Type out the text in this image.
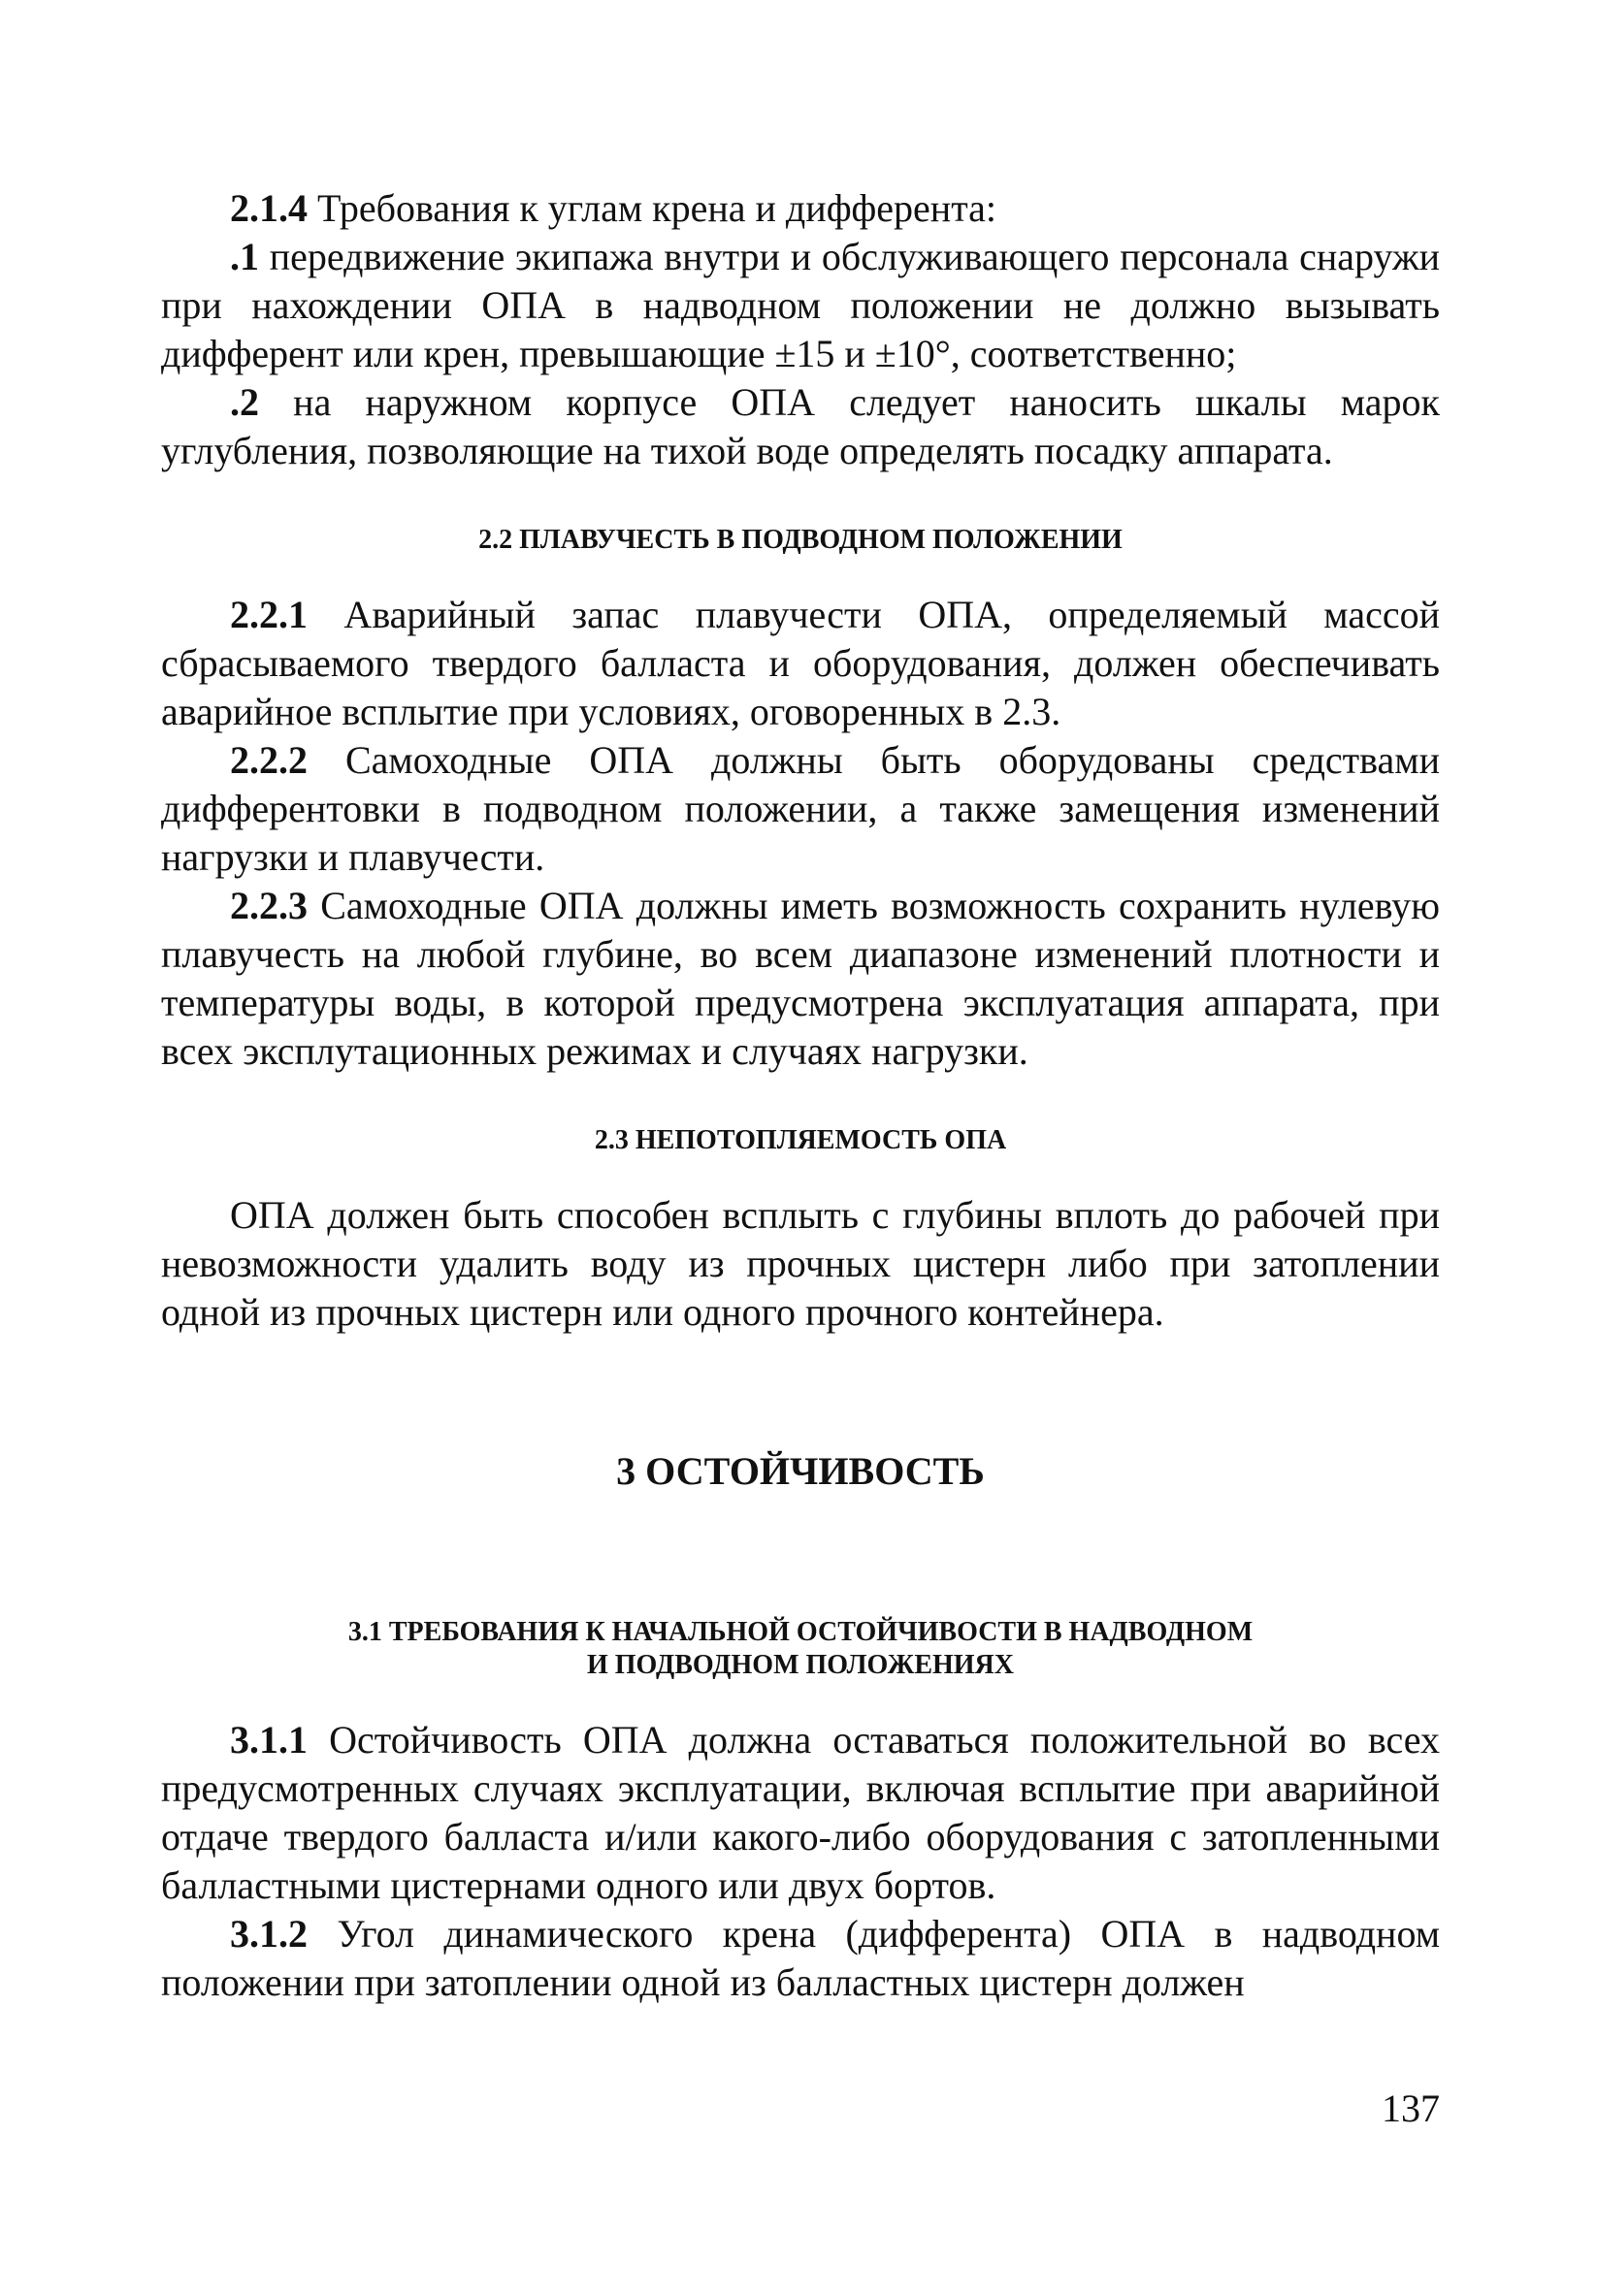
2.1.4 Требования к углам крена и дифферента:

.1 передвижение экипажа внутри и обслуживающего персонала снаружи при нахождении ОПА в надводном положении не должно вызывать дифферент или крен, превышающие ±15 и ±10°, соответственно;

.2 на наружном корпусе ОПА следует наносить шкалы марок углубления, позволяющие на тихой воде определять посадку аппарата.

2.2 ПЛАВУЧЕСТЬ В ПОДВОДНОМ ПОЛОЖЕНИИ

2.2.1 Аварийный запас плавучести ОПА, определяемый массой сбрасываемого твердого балласта и оборудования, должен обеспечивать аварийное всплытие при условиях, оговоренных в 2.3.

2.2.2 Самоходные ОПА должны быть оборудованы средствами дифферентовки в подводном положении, а также замещения изменений нагрузки и плавучести.

2.2.3 Самоходные ОПА должны иметь возможность сохранить нулевую плавучесть на любой глубине, во всем диапазоне изменений плотности и температуры воды, в которой предусмотрена эксплуатация аппарата, при всех эксплутационных режимах и случаях нагрузки.

2.3 НЕПОТОПЛЯЕМОСТЬ ОПА

ОПА должен быть способен всплыть с глубины вплоть до рабочей при невозможности удалить воду из прочных цистерн либо при затоплении одной из прочных цистерн или одного прочного контейнера.

3 ОСТОЙЧИВОСТЬ

3.1 ТРЕБОВАНИЯ К НАЧАЛЬНОЙ ОСТОЙЧИВОСТИ В НАДВОДНОМ

И ПОДВОДНОМ ПОЛОЖЕНИЯХ

3.1.1 Остойчивость ОПА должна оставаться положительной во всех предусмотренных случаях эксплуатации, включая всплытие при аварийной отдаче твердого балласта и/или какого-либо оборудования с затопленными балластными цистернами одного или двух бортов.

3.1.2 Угол динамического крена (дифферента) ОПА в надводном положении при затоплении одной из балластных цистерн должен

137
